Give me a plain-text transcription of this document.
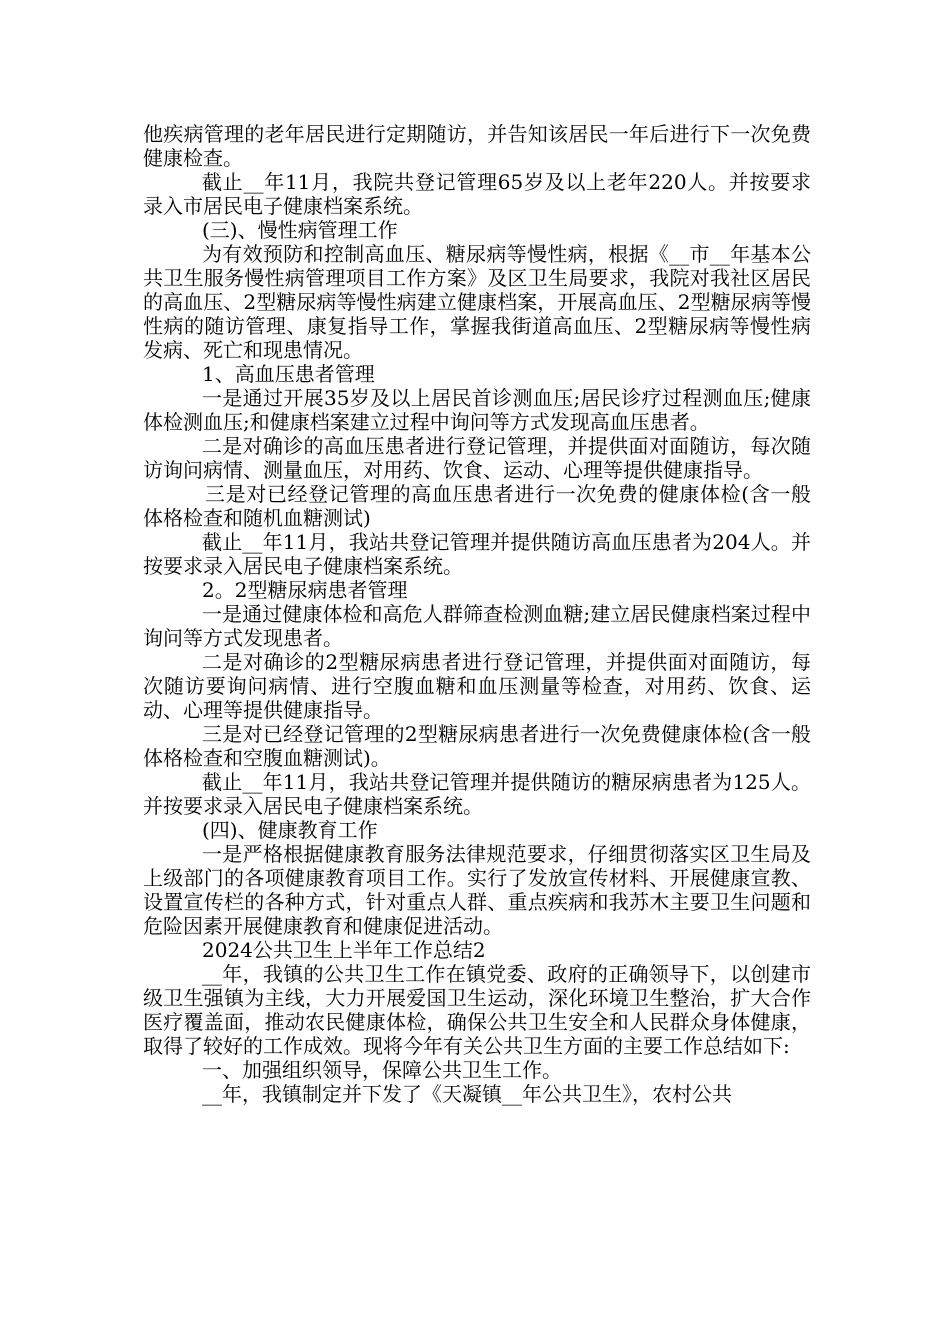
他疾病管理的老年居民进行定期随访，并告知该居民一年后进行下一次免费健康检查。

截止__年11月，我院共登记管理65岁及以上老年220人。并按要求录入市居民电子健康档案系统。

(三)、慢性病管理工作

为有效预防和控制高血压、糖尿病等慢性病，根据《__市__年基本公共卫生服务慢性病管理项目工作方案》及区卫生局要求，我院对我社区居民的高血压、2型糖尿病等慢性病建立健康档案，开展高血压、2型糖尿病等慢性病的随访管理、康复指导工作，掌握我街道高血压、2型糖尿病等慢性病发病、死亡和现患情况。

1、高血压患者管理

一是通过开展35岁及以上居民首诊测血压;居民诊疗过程测血压;健康体检测血压;和健康档案建立过程中询问等方式发现高血压患者。

二是对确诊的高血压患者进行登记管理，并提供面对面随访，每次随访询问病情、测量血压，对用药、饮食、运动、心理等提供健康指导。

三是对已经登记管理的高血压患者进行一次免费的健康体检(含一般体格检查和随机血糖测试)

截止__年11月，我站共登记管理并提供随访高血压患者为204人。并按要求录入居民电子健康档案系统。

2。2型糖尿病患者管理

一是通过健康体检和高危人群筛查检测血糖;建立居民健康档案过程中询问等方式发现患者。

二是对确诊的2型糖尿病患者进行登记管理，并提供面对面随访，每次随访要询问病情、进行空腹血糖和血压测量等检查，对用药、饮食、运动、心理等提供健康指导。

三是对已经登记管理的2型糖尿病患者进行一次免费健康体检(含一般体格检查和空腹血糖测试)。

截止__年11月，我站共登记管理并提供随访的糖尿病患者为125人。并按要求录入居民电子健康档案系统。

(四)、健康教育工作

一是严格根据健康教育服务法律规范要求，仔细贯彻落实区卫生局及上级部门的各项健康教育项目工作。实行了发放宣传材料、开展健康宣教、设置宣传栏的各种方式，针对重点人群、重点疾病和我苏木主要卫生问题和危险因素开展健康教育和健康促进活动。

2024公共卫生上半年工作总结2

__年，我镇的公共卫生工作在镇党委、政府的正确领导下，以创建市级卫生强镇为主线，大力开展爱国卫生运动，深化环境卫生整治，扩大合作医疗覆盖面，推动农民健康体检，确保公共卫生安全和人民群众身体健康，取得了较好的工作成效。现将今年有关公共卫生方面的主要工作总结如下:

一、加强组织领导，保障公共卫生工作。

__年，我镇制定并下发了《天凝镇__年公共卫生》，农村公共
